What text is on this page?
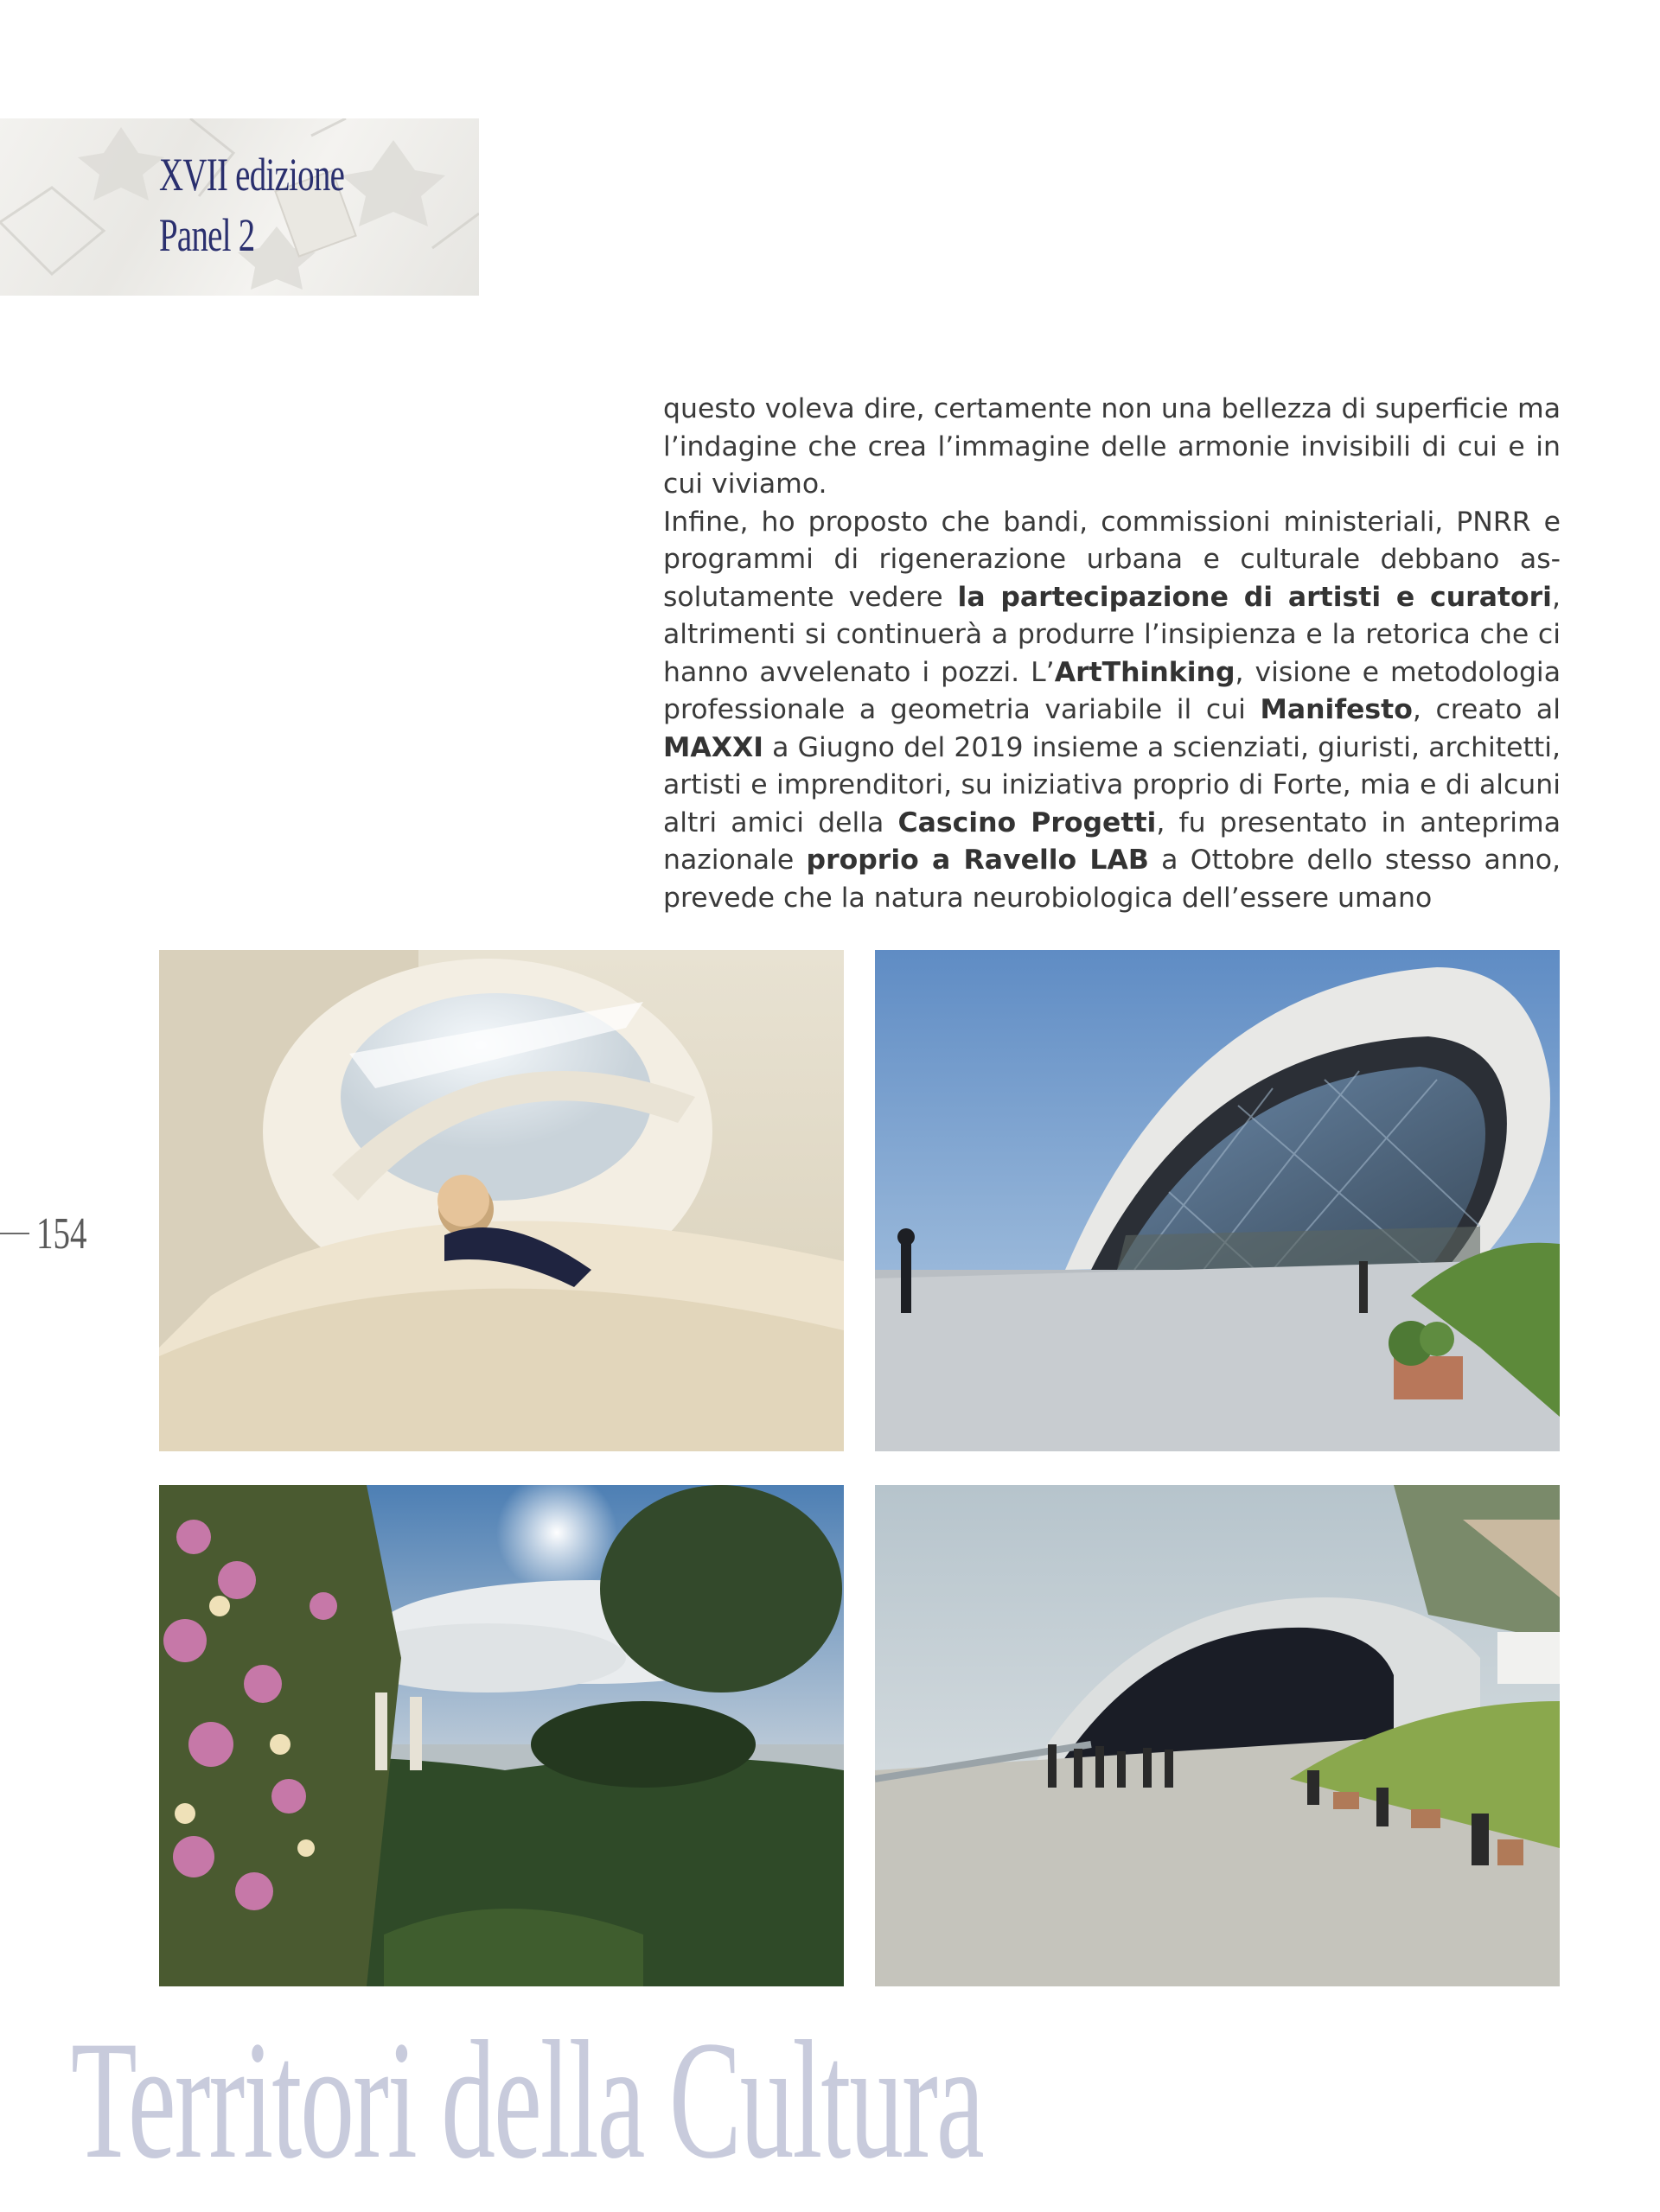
XVII edizione
Panel 2

questo voleva dire, certamente non una bellezza di superficie ma l’indagine che crea l’immagine delle armonie invisibili di cui e in cui viviamo.

Infine, ho proposto che bandi, commissioni ministeriali, PNRR e programmi di rigenerazione urbana e culturale debbano assolutamente vedere la partecipazione di artisti e curatori, altrimenti si continuerà a produrre l’insipienza e la retorica che ci hanno avvelenato i pozzi. L’ArtThinking, visione e metodologia professionale a geometria variabile il cui Manifesto, creato al MAXXI a Giugno del 2019 insieme a scienziati, giuristi, architetti, artisti e imprenditori, su iniziativa proprio di Forte, mia e di alcuni altri amici della Cascino Progetti, fu presentato in anteprima nazionale proprio a Ravello LAB a Ottobre dello stesso anno, prevede che la natura neurobiologica dell’essere umano

154
Territori della Cultura
